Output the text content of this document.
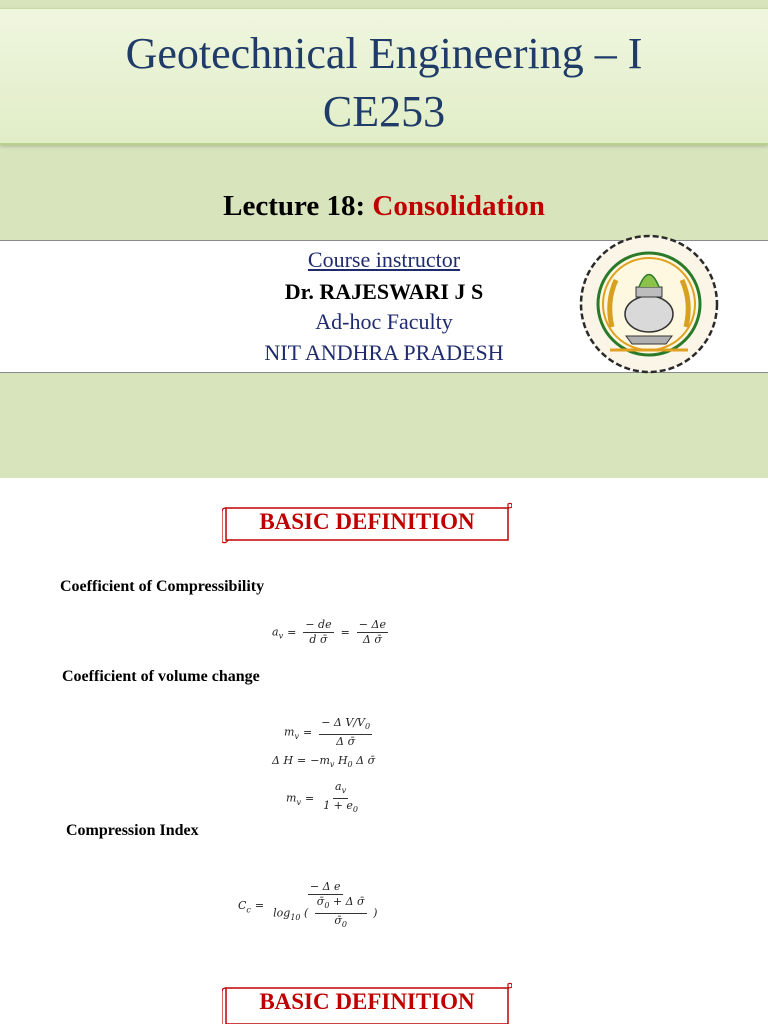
Geotechnical Engineering – I
CE253
Lecture 18: Consolidation
Course instructor
Dr. RAJESWARI J S
Ad-hoc Faculty
NIT ANDHRA PRADESH
BASIC DEFINITION
Coefficient of Compressibility
$a_v = \frac{- de}{\text{d σ̄}} = \frac{- \Delta e}{\text{Δ σ̄}}$
Coefficient of volume change
$m_v = \frac{- \Delta V/V_0}{\text{Δ σ̄}}$
Δ $H = -m_v$ $H_0$ Δ σ̄
$m_v = \frac{a_v}{1 + e_0}$
Compression Index
$C_c = \frac{\text{− Δ e}}{\log_{10} ( \frac{\sigmā_0 + \Delta \sigmā}{\sigmā_0} )}$
BASIC DEFINITION
